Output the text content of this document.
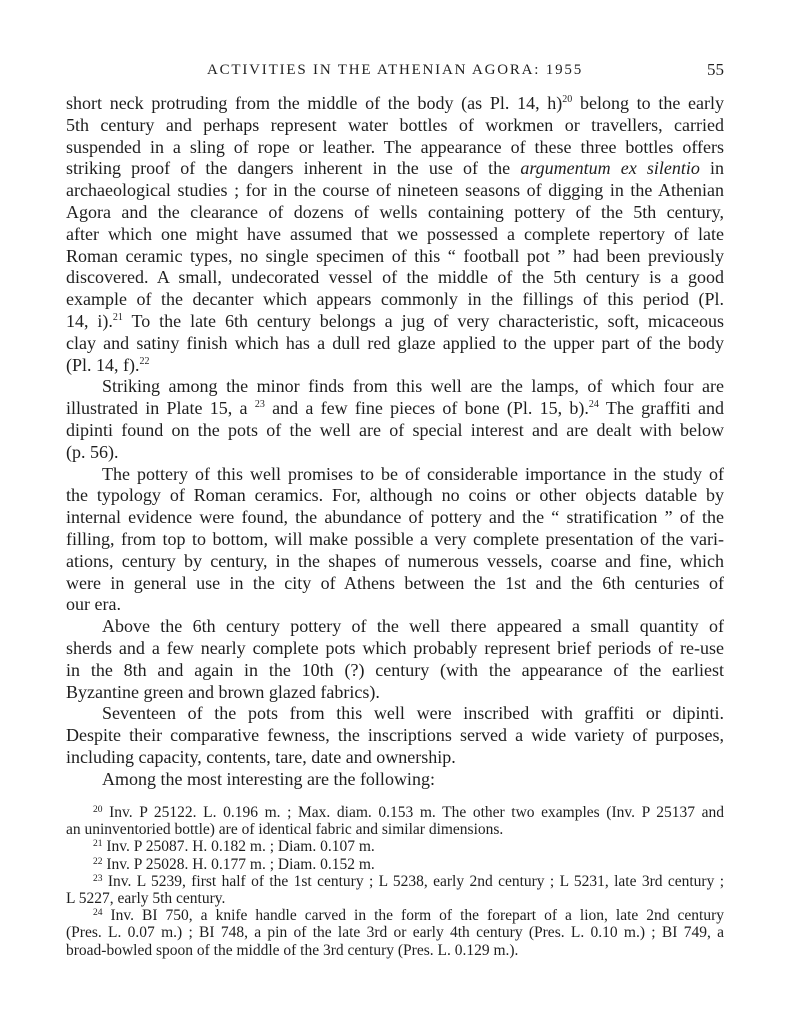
ACTIVITIES IN THE ATHENIAN AGORA: 1955	55
short neck protruding from the middle of the body (as Pl. 14, h)$^{20}$ belong to the early
5th century and perhaps represent water bottles of workmen or travellers, carried
suspended in a sling of rope or leather. The appearance of these three bottles offers
striking proof of the dangers inherent in the use of the argumentum ex silentio in
archaeological studies ; for in the course of nineteen seasons of digging in the Athenian
Agora and the clearance of dozens of wells containing pottery of the 5th century,
after which one might have assumed that we possessed a complete repertory of late
Roman ceramic types, no single specimen of this “ football pot ” had been previously
discovered. A small, undecorated vessel of the middle of the 5th century is a good
example of the decanter which appears commonly in the fillings of this period (Pl.
14, i).$^{21}$ To the late 6th century belongs a jug of very characteristic, soft, micaceous
clay and satiny finish which has a dull red glaze applied to the upper part of the body
(Pl. 14, f).$^{22}$
Striking among the minor finds from this well are the lamps, of which four are
illustrated in Plate 15, a $^{23}$ and a few fine pieces of bone (Pl. 15, b).$^{24}$ The graffiti and
dipinti found on the pots of the well are of special interest and are dealt with below
(p. 56).
The pottery of this well promises to be of considerable importance in the study of
the typology of Roman ceramics. For, although no coins or other objects datable by
internal evidence were found, the abundance of pottery and the “ stratification ” of the
filling, from top to bottom, will make possible a very complete presentation of the vari-
ations, century by century, in the shapes of numerous vessels, coarse and fine, which
were in general use in the city of Athens between the 1st and the 6th centuries of
our era.
Above the 6th century pottery of the well there appeared a small quantity of
sherds and a few nearly complete pots which probably represent brief periods of re-use
in the 8th and again in the 10th (?) century (with the appearance of the earliest
Byzantine green and brown glazed fabrics).
Seventeen of the pots from this well were inscribed with graffiti or dipinti.
Despite their comparative fewness, the inscriptions served a wide variety of purposes,
including capacity, contents, tare, date and ownership.
Among the most interesting are the following:
$^{20}$ Inv. P 25122. L. 0.196 m. ; Max. diam. 0.153 m. The other two examples (Inv. P 25137 and
an uninventoried bottle) are of identical fabric and similar dimensions.
$^{21}$ Inv. P 25087. H. 0.182 m. ; Diam. 0.107 m.
$^{22}$ Inv. P 25028. H. 0.177 m. ; Diam. 0.152 m.
$^{23}$ Inv. L 5239, first half of the 1st century ; L 5238, early 2nd century ; L 5231, late 3rd century ;
L 5227, early 5th century.
$^{24}$ Inv. BI 750, a knife handle carved in the form of the forepart of a lion, late 2nd century
(Pres. L. 0.07 m.) ; BI 748, a pin of the late 3rd or early 4th century (Pres. L. 0.10 m.) ; BI 749, a
broad-bowled spoon of the middle of the 3rd century (Pres. L. 0.129 m.).
